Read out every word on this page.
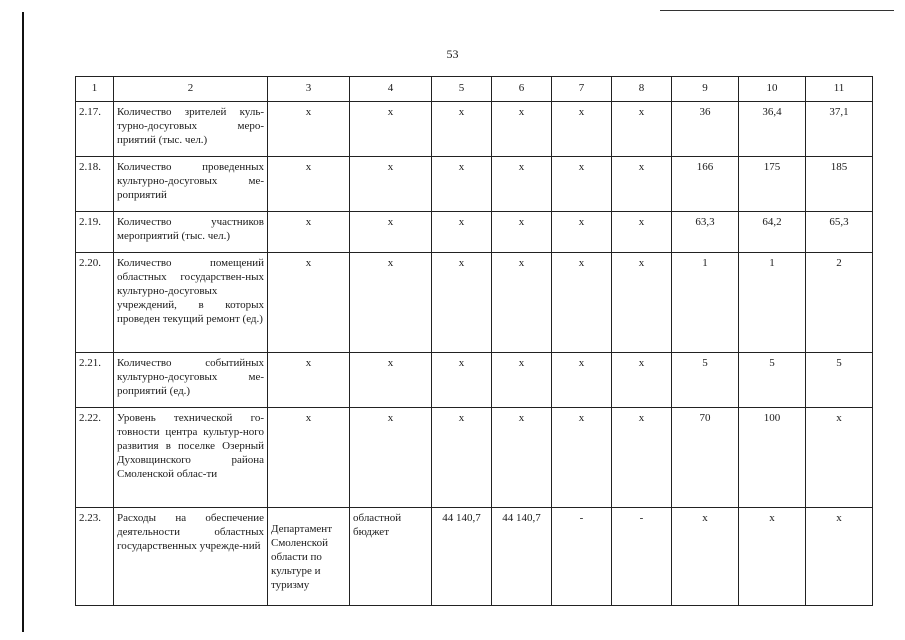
53
1	2	3	4	5	6	7	8	9	10	11
2.17.	Количество зрителей куль-турно-досуговых меро-приятий (тыс. чел.)	х	х	х	х	х	х	36	36,4	37,1
2.18.	Количество проведенных культурно-досуговых ме-роприятий	х	х	х	х	х	х	166	175	185
2.19.	Количество участников мероприятий (тыс. чел.)	х	х	х	х	х	х	63,3	64,2	65,3
2.20.	Количество помещений областных государствен-ных культурно-досуговых учреждений, в которых проведен текущий ремонт (ед.)	х	х	х	х	х	х	1	1	2
2.21.	Количество событийных культурно-досуговых ме-роприятий (ед.)	х	х	х	х	х	х	5	5	5
2.22.	Уровень технической го-товности центра культур-ного развития в поселке Озерный Духовщинского района Смоленской облас-ти	х	х	х	х	х	х	70	100	х
2.23.	Расходы на обеспечение деятельности областных государственных учрежде-ний	Департамент Смоленской области по культуре и туризму	областной бюджет	44 140,7	44 140,7	-	-	х	х	х
